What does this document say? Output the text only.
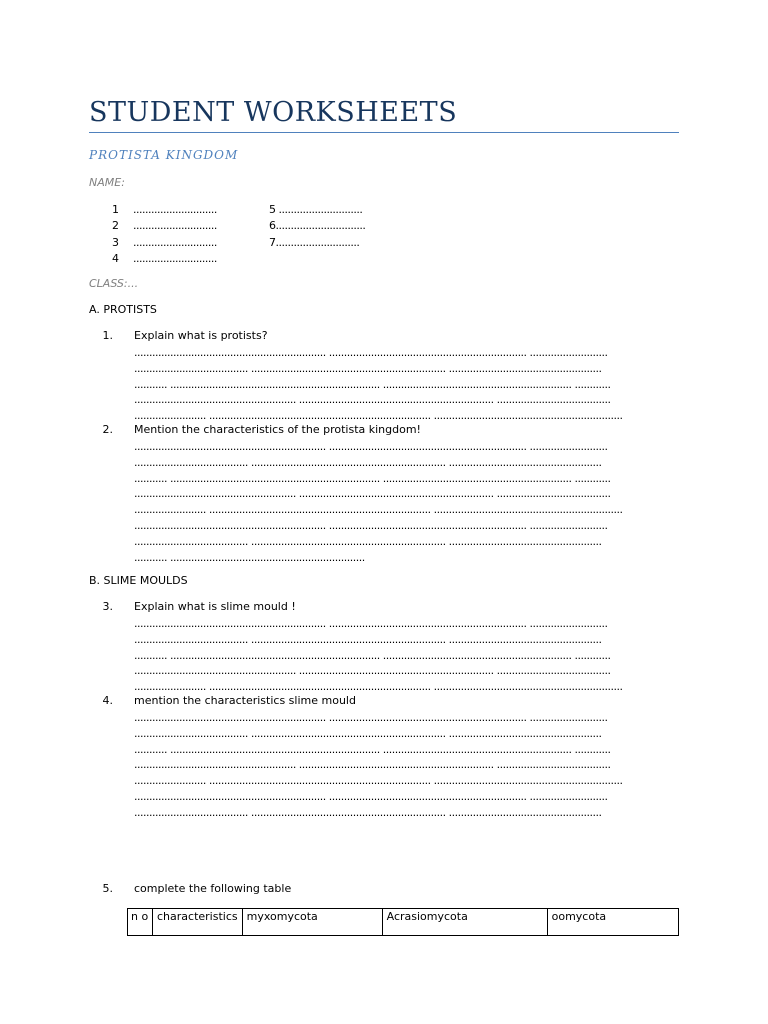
STUDENT WORKSHEETS
PROTISTA KINGDOM
NAME:
1 ............................
2 ............................
3 ............................
4 ............................
5 ............................
6..............................
7............................
CLASS:...
A. PROTISTS
1. Explain what is protists?
................................................................ .................................................................. ..........................
...................................... ................................................................. ...................................................
........... ...................................................................... ............................................................... ............
...................................................... ................................................................. ......................................
........................ .......................................................................... ...............................................................
2. Mention the characteristics of the protista kingdom!
................................................................ .................................................................. ..........................
...................................... ................................................................. ...................................................
........... ...................................................................... ............................................................... ............
...................................................... ................................................................. ......................................
........................ .......................................................................... ...............................................................
................................................................ .................................................................. ..........................
...................................... ................................................................. ...................................................
........... .................................................................
B. SLIME MOULDS
3. Explain what is slime mould !
................................................................ .................................................................. ..........................
...................................... ................................................................. ...................................................
........... ...................................................................... ............................................................... ............
...................................................... ................................................................. ......................................
........................ .......................................................................... ...............................................................
4. mention the characteristics slime mould
................................................................ .................................................................. ..........................
...................................... ................................................................. ...................................................
........... ...................................................................... ............................................................... ............
...................................................... ................................................................. ......................................
........................ .......................................................................... ...............................................................
................................................................ .................................................................. ..........................
...................................... ................................................................. ...................................................
5. complete the following table
n o	characteristics	myxomycota	Acrasiomycota	oomycota
